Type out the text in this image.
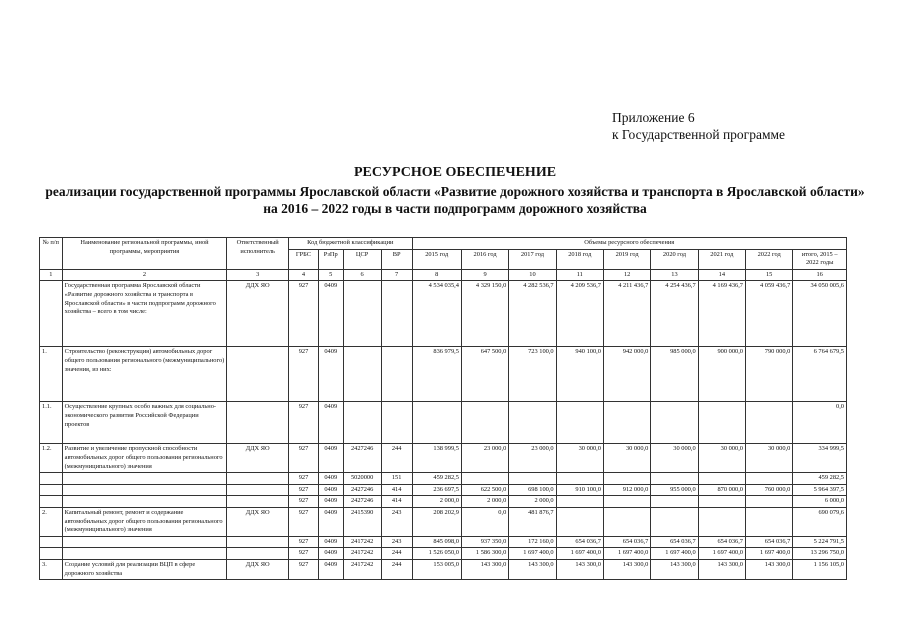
Приложение 6
к Государственной программе
РЕСУРСНОЕ ОБЕСПЕЧЕНИЕ
реализации государственной программы Ярославской области «Развитие дорожного хозяйства и транспорта в Ярославской области» на 2016 – 2022 годы в части подпрограмм дорожного хозяйства
№ п/п	Наименование региональной программы, иной программы, мероприятия	Ответственный исполнитель	Код бюджетной классификации				Объемы ресурсного обеспечения								
			ГРБС	РзПр	ЦСР	ВР	2015 год	2016 год	2017 год	2018 год	2019 год	2020 год	2021 год	2022 год	итого, 2015 – 2022 годы
1	2	3	4	5	6	7	8	9	10	11	12	13	14	15	16
	Государственная программа Ярославской области «Развитие дорожного хозяйства и транспорта в Ярославской области» в части подпрограмм дорожного хозяйства – всего в том числе:	ДДХ ЯО	927	0409			4 534 035,4	4 329 150,0	4 282 536,7	4 209 536,7	4 211 436,7	4 254 436,7	4 169 436,7	4 059 436,7	34 050 005,6
1.	Строительство (реконструкция) автомобильных дорог общего пользования регионального (межмуниципального) значения, из них:		927	0409			836 979,5	647 500,0	723 100,0	940 100,0	942 000,0	985 000,0	900 000,0	790 000,0	6 764 679,5
1.1.	Осуществление крупных особо важных для социально-экономического развития Российской Федерации проектов		927	0409											0,0
1.2.	Развитие и увеличение пропускной способности автомобильных дорог общего пользования регионального (межмуниципального) значения	ДДХ ЯО	927	0409	2427246	244	138 999,5	23 000,0	23 000,0	30 000,0	30 000,0	30 000,0	30 000,0	30 000,0	334 999,5
			927	0409	5020000	151	459 282,5								459 282,5
			927	0409	2427246	414	236 697,5	622 500,0	698 100,0	910 100,0	912 000,0	955 000,0	870 000,0	760 000,0	5 964 397,5
			927	0409	2427246	414	2 000,0	2 000,0	2 000,0						6 000,0
2.	Капитальный ремонт, ремонт и содержание автомобильных дорог общего пользования регионального (межмуниципального) значения	ДДХ ЯО	927	0409	2415390	243	208 202,9	0,0	481 876,7						690 079,6
			927	0409	2417242	243	845 098,0	937 350,0	172 160,0	654 036,7	654 036,7	654 036,7	654 036,7	654 036,7	5 224 791,5
			927	0409	2417242	244	1 526 050,0	1 586 300,0	1 697 400,0	1 697 400,0	1 697 400,0	1 697 400,0	1 697 400,0	1 697 400,0	13 296 750,0
3.	Создание условий для реализации ВЦП в сфере дорожного хозяйства	ДДХ ЯО	927	0409	2417242	244	153 005,0	143 300,0	143 300,0	143 300,0	143 300,0	143 300,0	143 300,0	143 300,0	1 156 105,0
